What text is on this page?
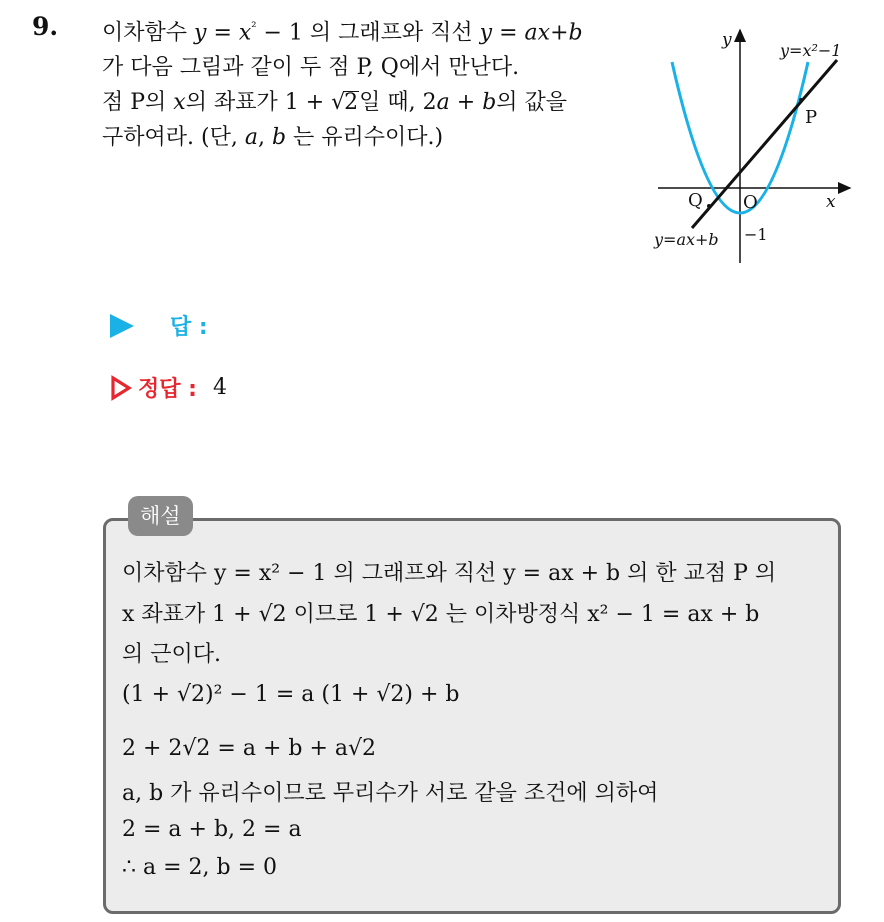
9. 이차함수 $y = x^{^2} - 1$ 의 그래프와 직선 y = ax+b
가 다음 그림과 같이 두 점 P, Q에서 만난다.
점 P의 x의 좌표가 1 + √2일 때, 2a + b의 값을
구하여라. (단, a, b 는 유리수이다.)
y
x
O
Q
P
y=x²−1
y=ax+b −1
답 :
정답 : 4
해설
이차함수 y = x² − 1 의 그래프와 직선 y = ax + b 의 한 교점 P 의
x 좌표가 1 + √2 이므로 1 + √2 는 이차방정식 x² − 1 = ax + b
의 근이다.
(1 + √2)² − 1 = a (1 + √2) + b
2 + 2√2 = a + b + a√2
a, b 가 유리수이므로 무리수가 서로 같을 조건에 의하여
2 = a + b, 2 = a
∴ a = 2, b = 0
